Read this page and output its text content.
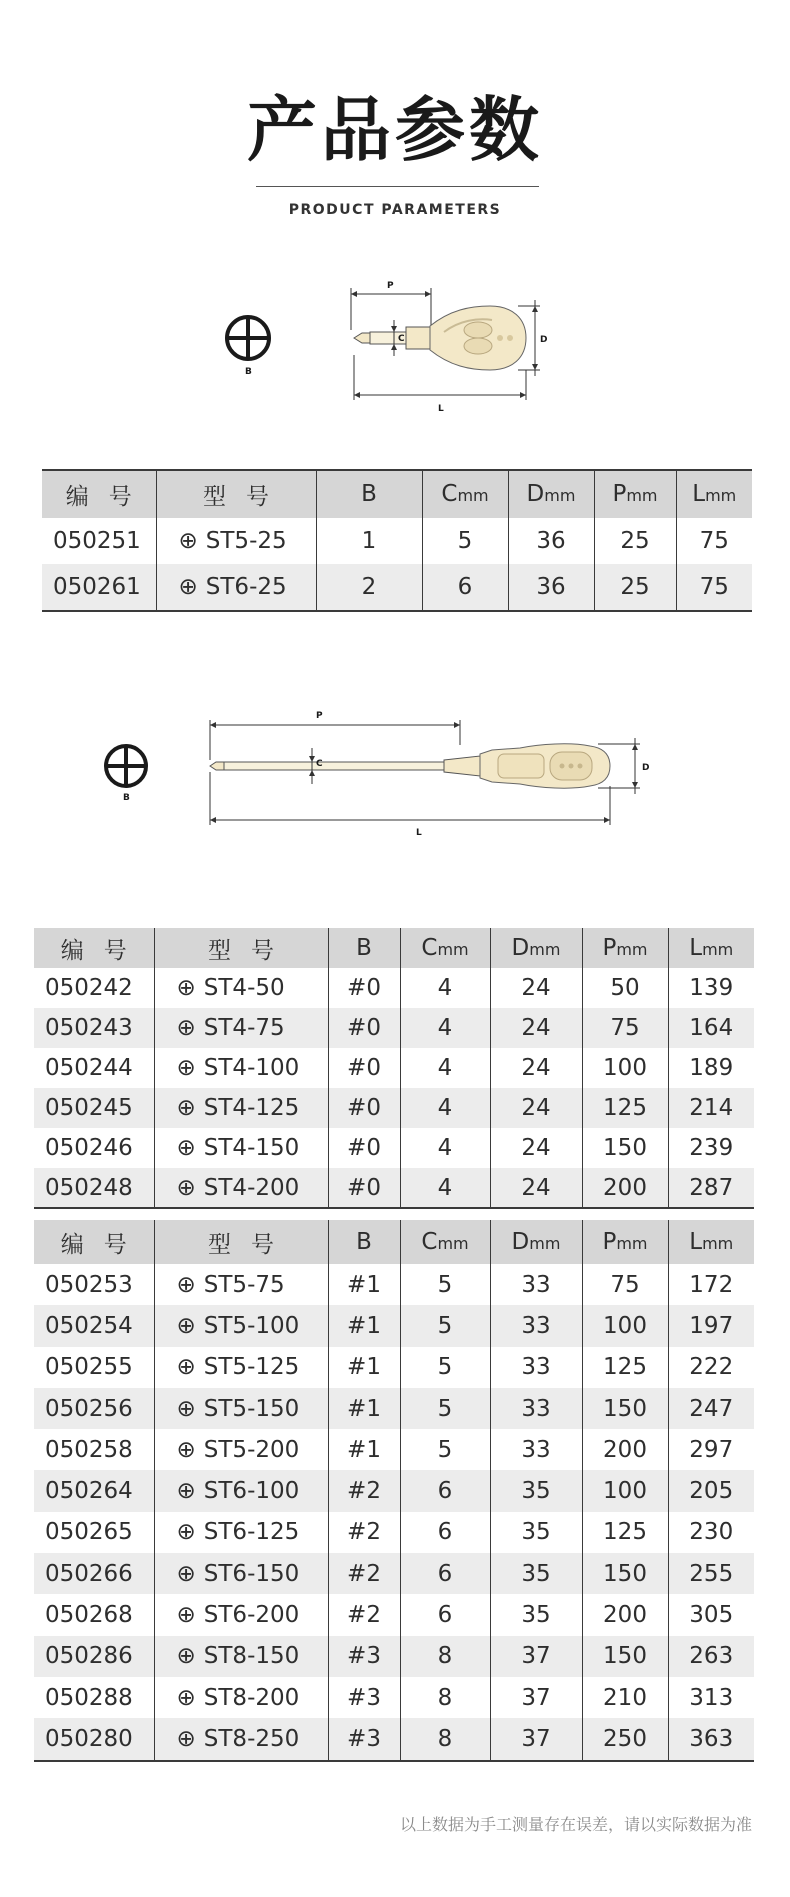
产品参数
PRODUCT PARAMETERS
B
P
C	D
L
编号	型号	B	Cmm	Dmm	Pmm	Lmm
050251	⊕ ST5-25	1	5	36	25	75
050261	⊕ ST6-25	2	6	36	25	75
B
P
C	D
L
编号	型号	B	Cmm	Dmm	Pmm	Lmm
050242	⊕ ST4-50	#0	4	24	50	139
050243	⊕ ST4-75	#0	4	24	75	164
050244	⊕ ST4-100	#0	4	24	100	189
050245	⊕ ST4-125	#0	4	24	125	214
050246	⊕ ST4-150	#0	4	24	150	239
050248	⊕ ST4-200	#0	4	24	200	287
编号	型号	B	Cmm	Dmm	Pmm	Lmm
050253	⊕ ST5-75	#1	5	33	75	172
050254	⊕ ST5-100	#1	5	33	100	197
050255	⊕ ST5-125	#1	5	33	125	222
050256	⊕ ST5-150	#1	5	33	150	247
050258	⊕ ST5-200	#1	5	33	200	297
050264	⊕ ST6-100	#2	6	35	100	205
050265	⊕ ST6-125	#2	6	35	125	230
050266	⊕ ST6-150	#2	6	35	150	255
050268	⊕ ST6-200	#2	6	35	200	305
050286	⊕ ST8-150	#3	8	37	150	263
050288	⊕ ST8-200	#3	8	37	210	313
050280	⊕ ST8-250	#3	8	37	250	363
以上数据为手工测量存在误差，请以实际数据为准
